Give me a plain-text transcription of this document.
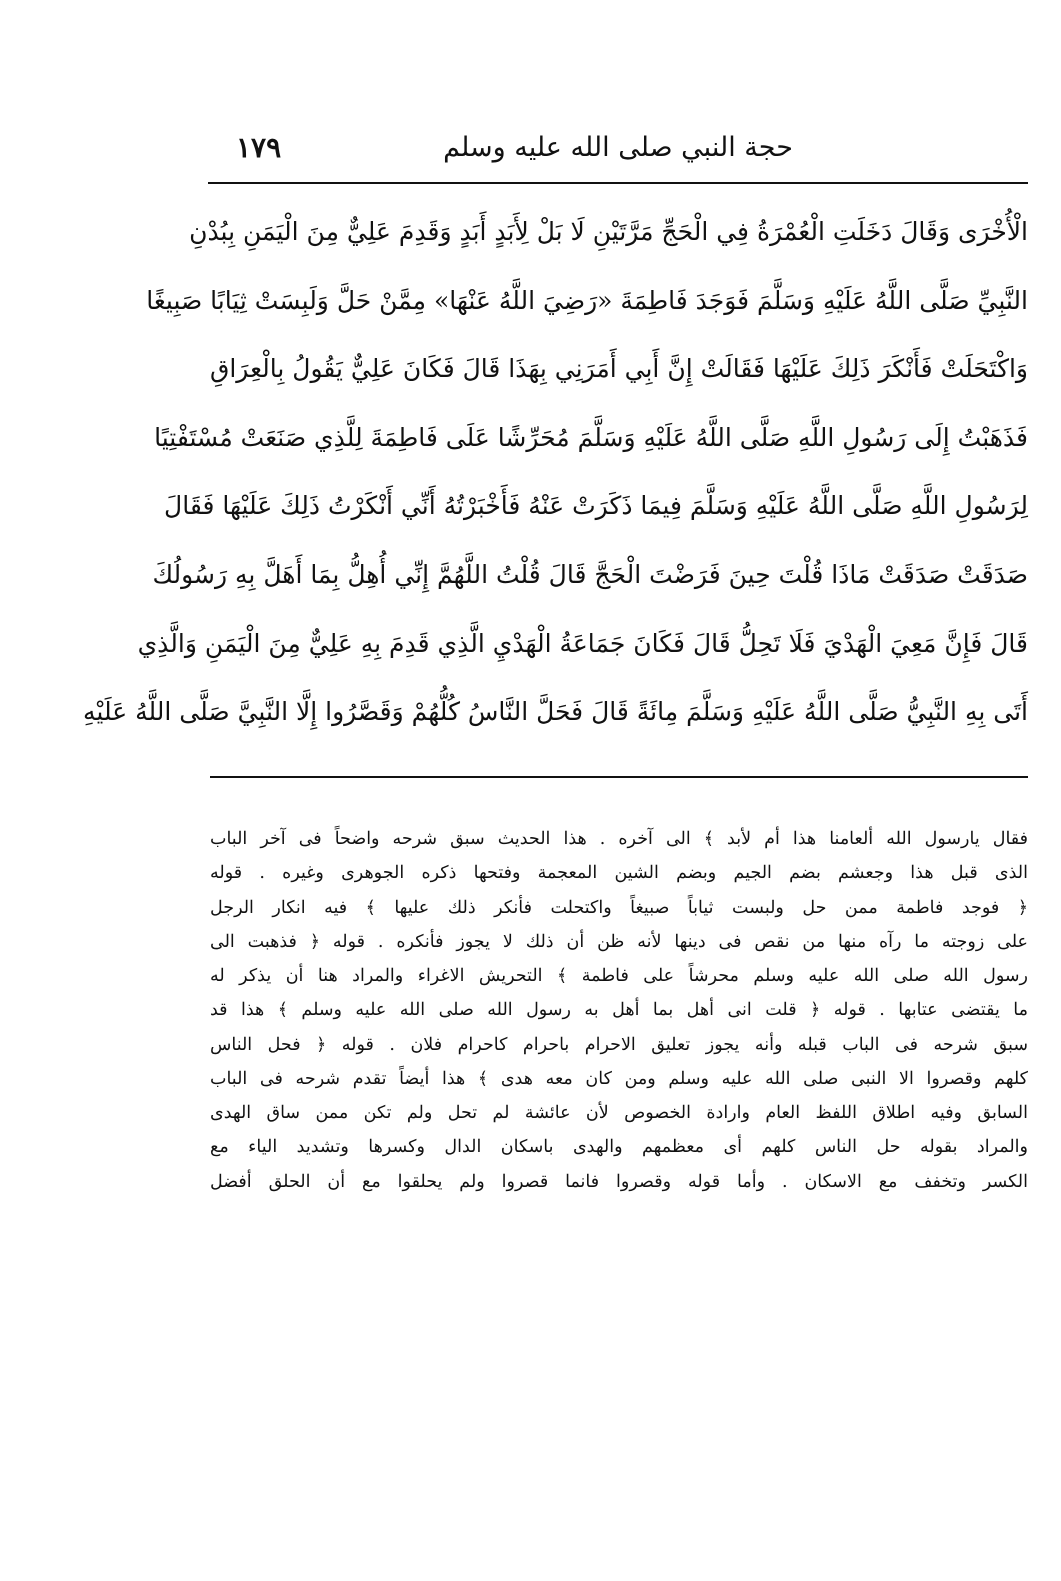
١٧٩	حجة النبي صلى الله عليه وسلم
الْأُخْرَى وَقَالَ دَخَلَتِ الْعُمْرَةُ فِي الْحَجِّ مَرَّتَيْنِ لَا بَلْ لِأَبَدٍ أَبَدٍ وَقَدِمَ عَلِيٌّ مِنَ الْيَمَنِ بِبُدْنِ
النَّبِيِّ صَلَّى اللَّهُ عَلَيْهِ وَسَلَّمَ فَوَجَدَ فَاطِمَةَ «رَضِيَ اللَّهُ عَنْهَا» مِمَّنْ حَلَّ وَلَبِسَتْ ثِيَابًا صَبِيغًا
وَاكْتَحَلَتْ فَأَنْكَرَ ذَلِكَ عَلَيْهَا فَقَالَتْ إِنَّ أَبِي أَمَرَنِي بِهَذَا قَالَ فَكَانَ عَلِيٌّ يَقُولُ بِالْعِرَاقِ
فَذَهَبْتُ إِلَى رَسُولِ اللَّهِ صَلَّى اللَّهُ عَلَيْهِ وَسَلَّمَ مُحَرِّشًا عَلَى فَاطِمَةَ لِلَّذِي صَنَعَتْ مُسْتَفْتِيًا
لِرَسُولِ اللَّهِ صَلَّى اللَّهُ عَلَيْهِ وَسَلَّمَ فِيمَا ذَكَرَتْ عَنْهُ فَأَخْبَرْتُهُ أَنِّي أَنْكَرْتُ ذَلِكَ عَلَيْهَا فَقَالَ
صَدَقَتْ صَدَقَتْ مَاذَا قُلْتَ حِينَ فَرَضْتَ الْحَجَّ قَالَ قُلْتُ اللَّهُمَّ إِنِّي أُهِلُّ بِمَا أَهَلَّ بِهِ رَسُولُكَ
قَالَ فَإِنَّ مَعِيَ الْهَدْيَ فَلَا تَحِلُّ قَالَ فَكَانَ جَمَاعَةُ الْهَدْيِ الَّذِي قَدِمَ بِهِ عَلِيٌّ مِنَ الْيَمَنِ وَالَّذِي
أَتَى بِهِ النَّبِيُّ صَلَّى اللَّهُ عَلَيْهِ وَسَلَّمَ مِائَةً قَالَ فَحَلَّ النَّاسُ كُلُّهُمْ وَقَصَّرُوا إِلَّا النَّبِيَّ صَلَّى اللَّهُ عَلَيْهِ
فقال يارسول الله ألعامنا هذا أم لأبد ﴾ الى آخره . هذا الحديث سبق شرحه واضحاً فى آخر الباب
الذى قبل هذا وجعشم بضم الجيم وبضم الشين المعجمة وفتحها ذكره الجوهرى وغيره . قوله
﴿ فوجد فاطمة ممن حل ولبست ثياباً صبيغاً واكتحلت فأنكر ذلك عليها ﴾ فيه انكار الرجل
على زوجته ما رآه منها من نقص فى دينها لأنه ظن أن ذلك لا يجوز فأنكره . قوله ﴿ فذهبت الى
رسول الله صلى الله عليه وسلم محرشاً على فاطمة ﴾ التحريش الاغراء والمراد هنا أن يذكر له
ما يقتضى عتابها . قوله ﴿ قلت انى أهل بما أهل به رسول الله صلى الله عليه وسلم ﴾ هذا قد
سبق شرحه فى الباب قبله وأنه يجوز تعليق الاحرام باحرام كاحرام فلان . قوله ﴿ فحل الناس
كلهم وقصروا الا النبى صلى الله عليه وسلم ومن كان معه هدى ﴾ هذا أيضاً تقدم شرحه فى الباب
السابق وفيه اطلاق اللفظ العام وارادة الخصوص لأن عائشة لم تحل ولم تكن ممن ساق الهدى
والمراد بقوله حل الناس كلهم أى معظمهم والهدى باسكان الدال وكسرها وتشديد الياء مع
الكسر وتخفف مع الاسكان . وأما قوله وقصروا فانما قصروا ولم يحلقوا مع أن الحلق أفضل
